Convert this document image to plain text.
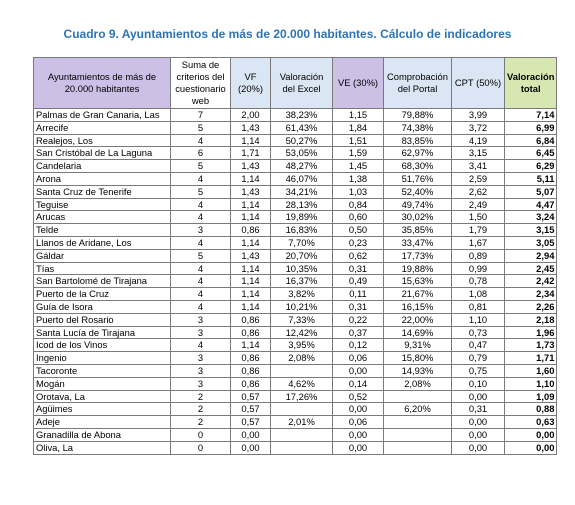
Cuadro 9. Ayuntamientos de más de 20.000 habitantes. Cálculo de indicadores
Ayuntamientos de más de 20.000 habitantes	Suma de criterios del cuestionario web	VF (20%)	Valoración del Excel	VE (30%)	Comprobación del Portal	CPT (50%)	Valoración total
Palmas de Gran Canaria, Las	7	2,00	38,23%	1,15	79,88%	3,99	7,14
Arrecife	5	1,43	61,43%	1,84	74,38%	3,72	6,99
Realejos, Los	4	1,14	50,27%	1,51	83,85%	4,19	6,84
San Cristóbal de La Laguna	6	1,71	53,05%	1,59	62,97%	3,15	6,45
Candelaria	5	1,43	48,27%	1,45	68,30%	3,41	6,29
Arona	4	1,14	46,07%	1,38	51,76%	2,59	5,11
Santa Cruz de Tenerife	5	1,43	34,21%	1,03	52,40%	2,62	5,07
Teguise	4	1,14	28,13%	0,84	49,74%	2,49	4,47
Arucas	4	1,14	19,89%	0,60	30,02%	1,50	3,24
Telde	3	0,86	16,83%	0,50	35,85%	1,79	3,15
Llanos de Aridane, Los	4	1,14	7,70%	0,23	33,47%	1,67	3,05
Gáldar	5	1,43	20,70%	0,62	17,73%	0,89	2,94
Tías	4	1,14	10,35%	0,31	19,88%	0,99	2,45
San Bartolomé de Tirajana	4	1,14	16,37%	0,49	15,63%	0,78	2,42
Puerto de la Cruz	4	1,14	3,82%	0,11	21,67%	1,08	2,34
Guía de Isora	4	1,14	10,21%	0,31	16,15%	0,81	2,26
Puerto del Rosario	3	0,86	7,33%	0,22	22,00%	1,10	2,18
Santa Lucía de Tirajana	3	0,86	12,42%	0,37	14,69%	0,73	1,96
Icod de los Vinos	4	1,14	3,95%	0,12	9,31%	0,47	1,73
Ingenio	3	0,86	2,08%	0,06	15,80%	0,79	1,71
Tacoronte	3	0,86		0,00	14,93%	0,75	1,60
Mogán	3	0,86	4,62%	0,14	2,08%	0,10	1,10
Orotava, La	2	0,57	17,26%	0,52		0,00	1,09
Agüimes	2	0,57		0,00	6,20%	0,31	0,88
Adeje	2	0,57	2,01%	0,06		0,00	0,63
Granadilla de Abona	0	0,00		0,00		0,00	0,00
Oliva, La	0	0,00		0,00		0,00	0,00
